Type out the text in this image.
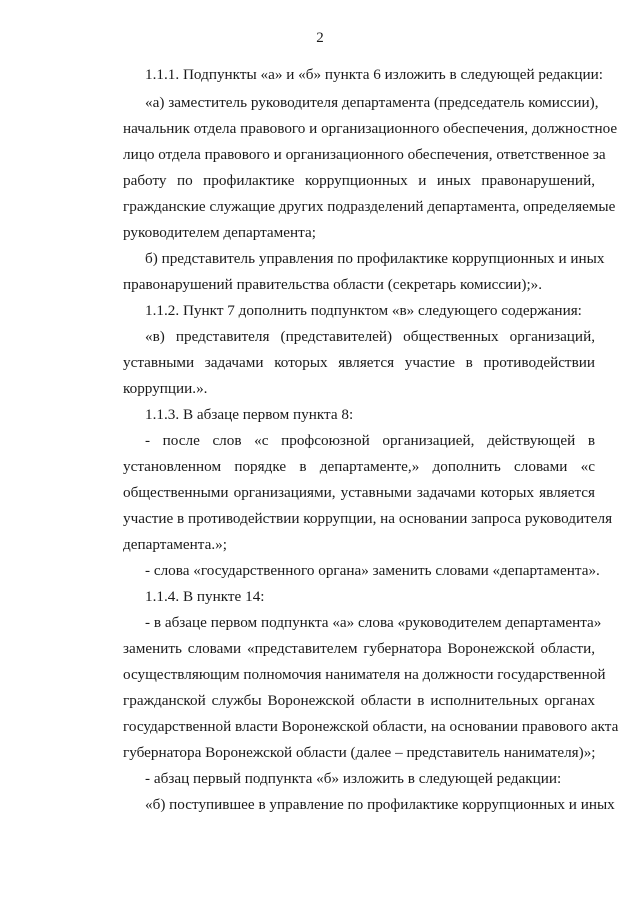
2
1.1.1. Подпункты «а» и «б» пункта 6 изложить в следующей редакции:
«а) заместитель руководителя департамента (председатель комиссии),
начальник отдела правового и организационного обеспечения, должностное
лицо отдела правового и организационного обеспечения, ответственное за
работу по профилактике коррупционных и иных правонарушений,
гражданские служащие других подразделений департамента, определяемые
руководителем департамента;
б) представитель управления по профилактике коррупционных и иных
правонарушений правительства области (секретарь комиссии);».
1.1.2. Пункт 7 дополнить подпунктом «в» следующего содержания:
«в) представителя (представителей) общественных организаций,
уставными задачами которых является участие в противодействии
коррупции.».
1.1.3. В абзаце первом пункта 8:
- после слов «с профсоюзной организацией, действующей в
установленном порядке в департаменте,» дополнить словами «с
общественными организациями, уставными задачами которых является
участие в противодействии коррупции, на основании запроса руководителя
департамента.»;
- слова «государственного органа» заменить словами «департамента».
1.1.4. В пункте 14:
- в абзаце первом подпункта «а» слова «руководителем департамента»
заменить словами «представителем губернатора Воронежской области,
осуществляющим полномочия нанимателя на должности государственной
гражданской службы Воронежской области в исполнительных органах
государственной власти Воронежской области, на основании правового акта
губернатора Воронежской области (далее – представитель нанимателя)»;
- абзац первый подпункта «б» изложить в следующей редакции:
«б) поступившее в управление по профилактике коррупционных и иных
